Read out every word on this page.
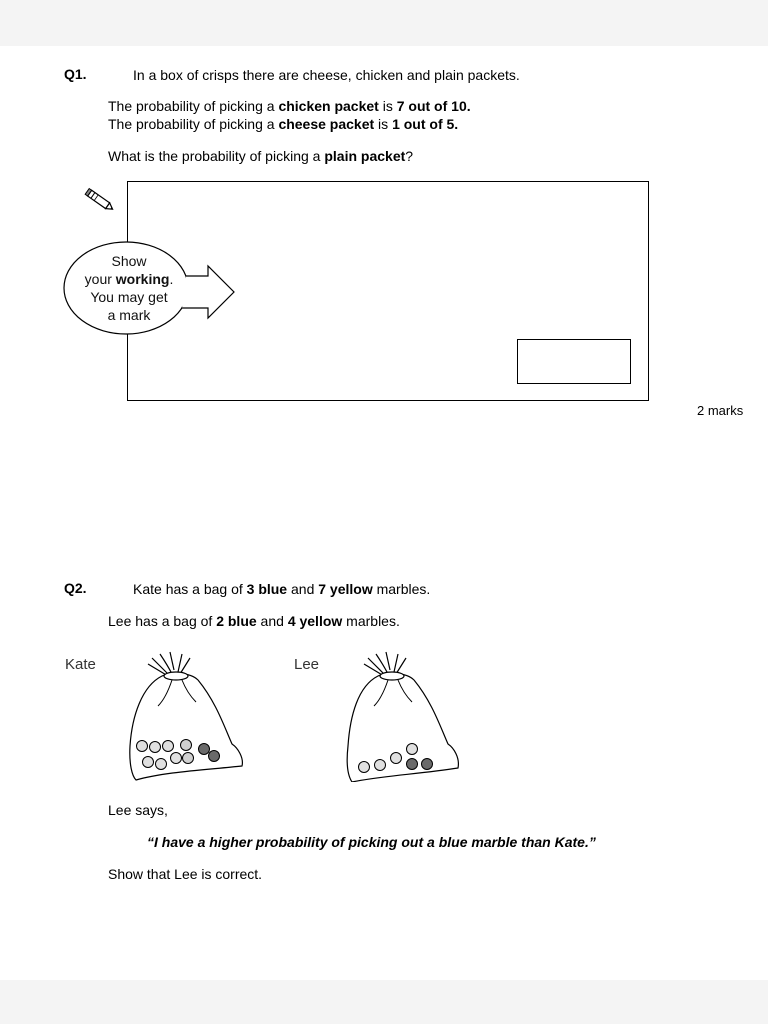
Q1.	In a box of crisps there are cheese, chicken and plain packets.
The probability of picking a chicken packet is 7 out of 10.
The probability of picking a cheese packet is 1 out of 5.
What is the probability of picking a plain packet?
Show
your working.
You may get
a mark
2 marks
Q2.	Kate has a bag of 3 blue and 7 yellow marbles.
Lee has a bag of 2 blue and 4 yellow marbles.
Kate	Lee
Lee says,
“I have a higher probability of picking out a blue marble than Kate.”
Show that Lee is correct.
